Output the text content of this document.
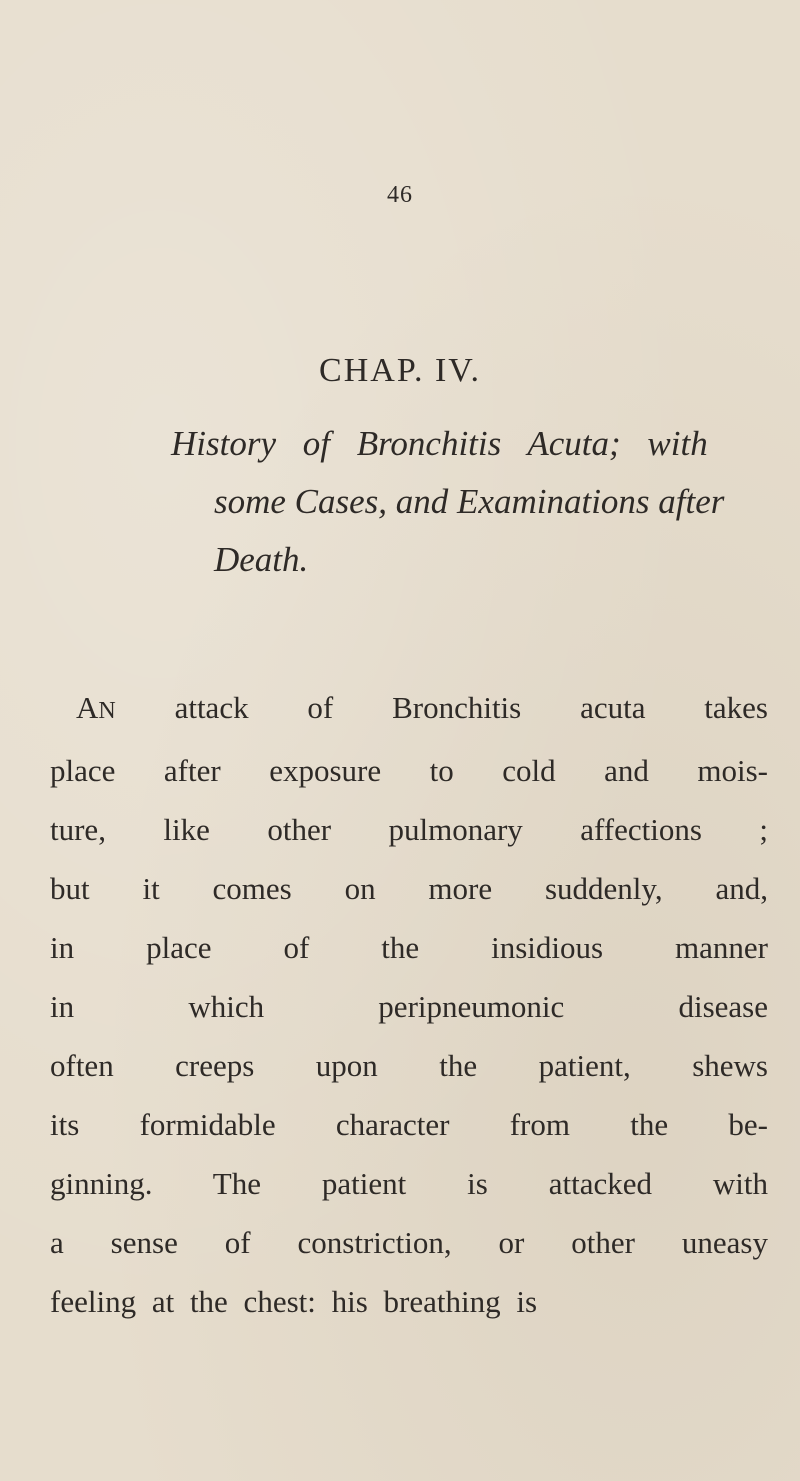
46
CHAP. IV.
History of Bronchitis Acuta; with
some Cases, and Examinations after
Death.
AN attack of Bronchitis acuta takes
place after exposure to cold and mois-
ture, like other pulmonary affections ;
but it comes on more suddenly, and,
in place of the insidious manner
in which peripneumonic disease
often creeps upon the patient, shews
its formidable character from the be-
ginning. The patient is attacked with
a sense of constriction, or other uneasy
feeling at the chest: his breathing is
